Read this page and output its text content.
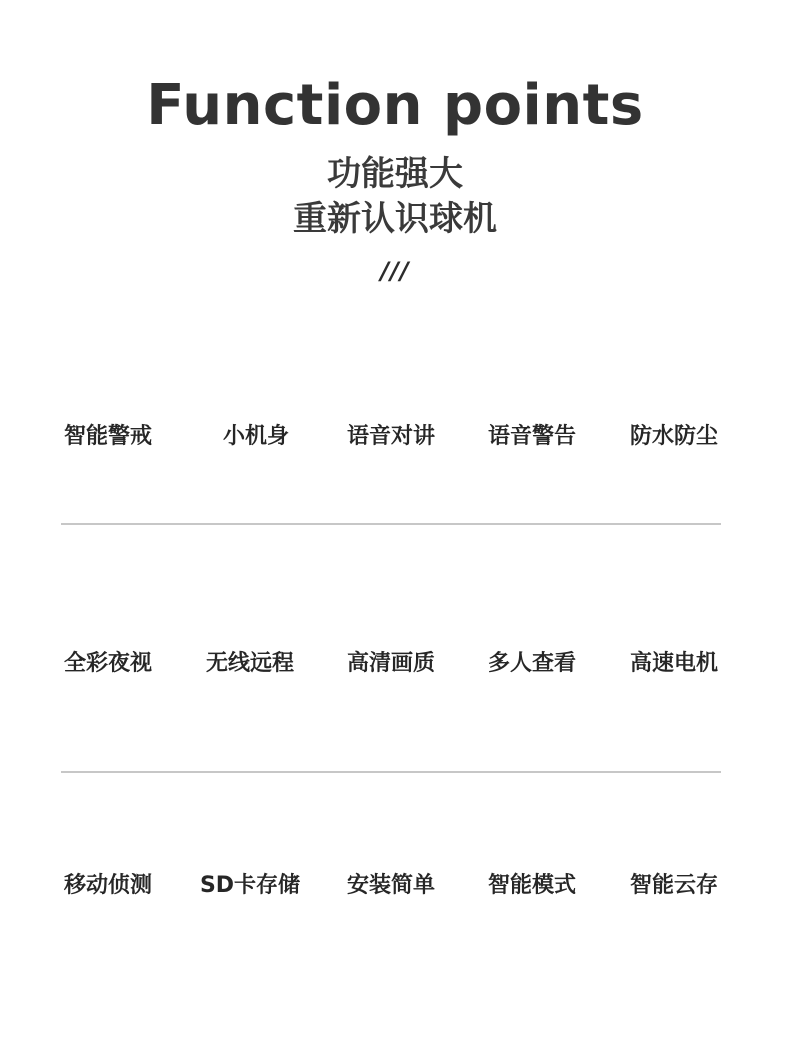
Function points
功能强大
重新认识球机
///
智能警戒	小机身	语音对讲	语音警告	防水防尘
全彩夜视	无线远程	高清画质	多人查看	高速电机
移动侦测	SD卡存储	安装简单	智能模式	智能云存
